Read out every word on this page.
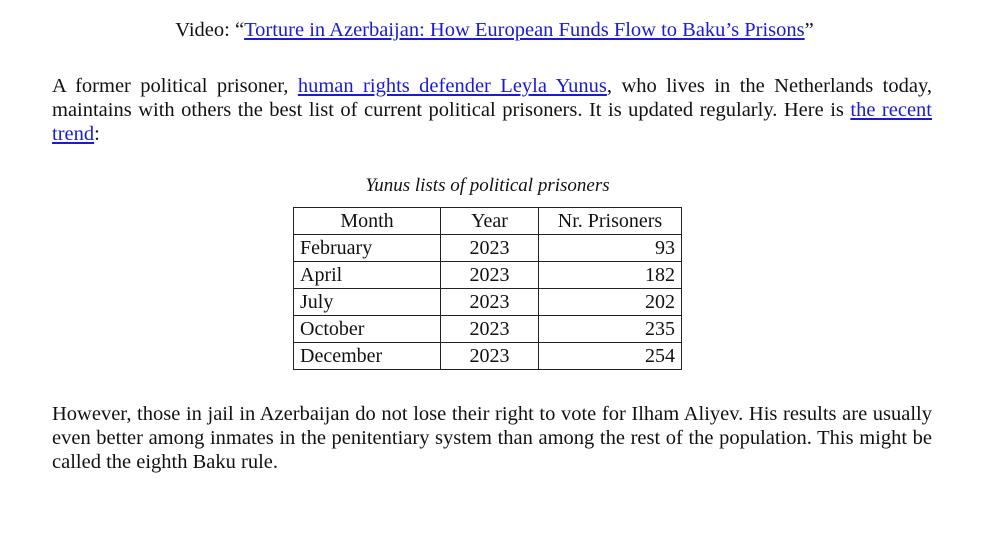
Video: “Torture in Azerbaijan: How European Funds Flow to Baku’s Prisons”

A former political prisoner, human rights defender Leyla Yunus, who lives in the Netherlands today, maintains with others the best list of current political prisoners. It is updated regularly. Here is the recent trend:

Yunus lists of political prisoners
Month	Year	Nr. Prisoners
February	2023	93
April	2023	182
July	2023	202
October	2023	235
December	2023	254

However, those in jail in Azerbaijan do not lose their right to vote for Ilham Aliyev. His results are usually even better among inmates in the penitentiary system than among the rest of the population. This might be called the eighth Baku rule.
